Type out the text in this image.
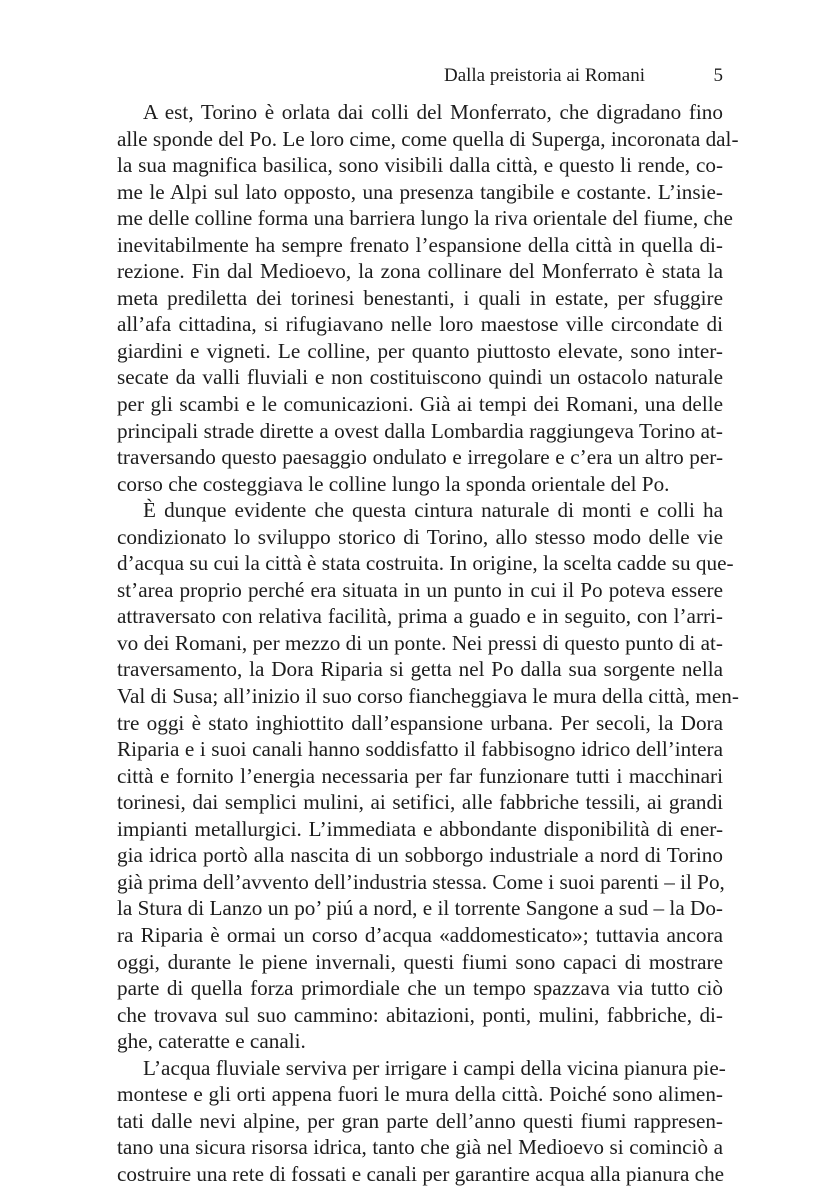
Dalla preistoria ai Romani	5
A est, Torino è orlata dai colli del Monferrato, che digradano fino
alle sponde del Po. Le loro cime, come quella di Superga, incoronata dal-
la sua magnifica basilica, sono visibili dalla città, e questo li rende, co-
me le Alpi sul lato opposto, una presenza tangibile e costante. L’insie-
me delle colline forma una barriera lungo la riva orientale del fiume, che
inevitabilmente ha sempre frenato l’espansione della città in quella di-
rezione. Fin dal Medioevo, la zona collinare del Monferrato è stata la
meta prediletta dei torinesi benestanti, i quali in estate, per sfuggire
all’afa cittadina, si rifugiavano nelle loro maestose ville circondate di
giardini e vigneti. Le colline, per quanto piuttosto elevate, sono inter-
secate da valli fluviali e non costituiscono quindi un ostacolo naturale
per gli scambi e le comunicazioni. Già ai tempi dei Romani, una delle
principali strade dirette a ovest dalla Lombardia raggiungeva Torino at-
traversando questo paesaggio ondulato e irregolare e c’era un altro per-
corso che costeggiava le colline lungo la sponda orientale del Po.
È dunque evidente che questa cintura naturale di monti e colli ha
condizionato lo sviluppo storico di Torino, allo stesso modo delle vie
d’acqua su cui la città è stata costruita. In origine, la scelta cadde su que-
st’area proprio perché era situata in un punto in cui il Po poteva essere
attraversato con relativa facilità, prima a guado e in seguito, con l’arri-
vo dei Romani, per mezzo di un ponte. Nei pressi di questo punto di at-
traversamento, la Dora Riparia si getta nel Po dalla sua sorgente nella
Val di Susa; all’inizio il suo corso fiancheggiava le mura della città, men-
tre oggi è stato inghiottito dall’espansione urbana. Per secoli, la Dora
Riparia e i suoi canali hanno soddisfatto il fabbisogno idrico dell’intera
città e fornito l’energia necessaria per far funzionare tutti i macchinari
torinesi, dai semplici mulini, ai setifici, alle fabbriche tessili, ai grandi
impianti metallurgici. L’immediata e abbondante disponibilità di ener-
gia idrica portò alla nascita di un sobborgo industriale a nord di Torino
già prima dell’avvento dell’industria stessa. Come i suoi parenti – il Po,
la Stura di Lanzo un po’ piú a nord, e il torrente Sangone a sud – la Do-
ra Riparia è ormai un corso d’acqua «addomesticato»; tuttavia ancora
oggi, durante le piene invernali, questi fiumi sono capaci di mostrare
parte di quella forza primordiale che un tempo spazzava via tutto ciò
che trovava sul suo cammino: abitazioni, ponti, mulini, fabbriche, di-
ghe, cateratte e canali.
L’acqua fluviale serviva per irrigare i campi della vicina pianura pie-
montese e gli orti appena fuori le mura della città. Poiché sono alimen-
tati dalle nevi alpine, per gran parte dell’anno questi fiumi rappresen-
tano una sicura risorsa idrica, tanto che già nel Medioevo si cominciò a
costruire una rete di fossati e canali per garantire acqua alla pianura che
